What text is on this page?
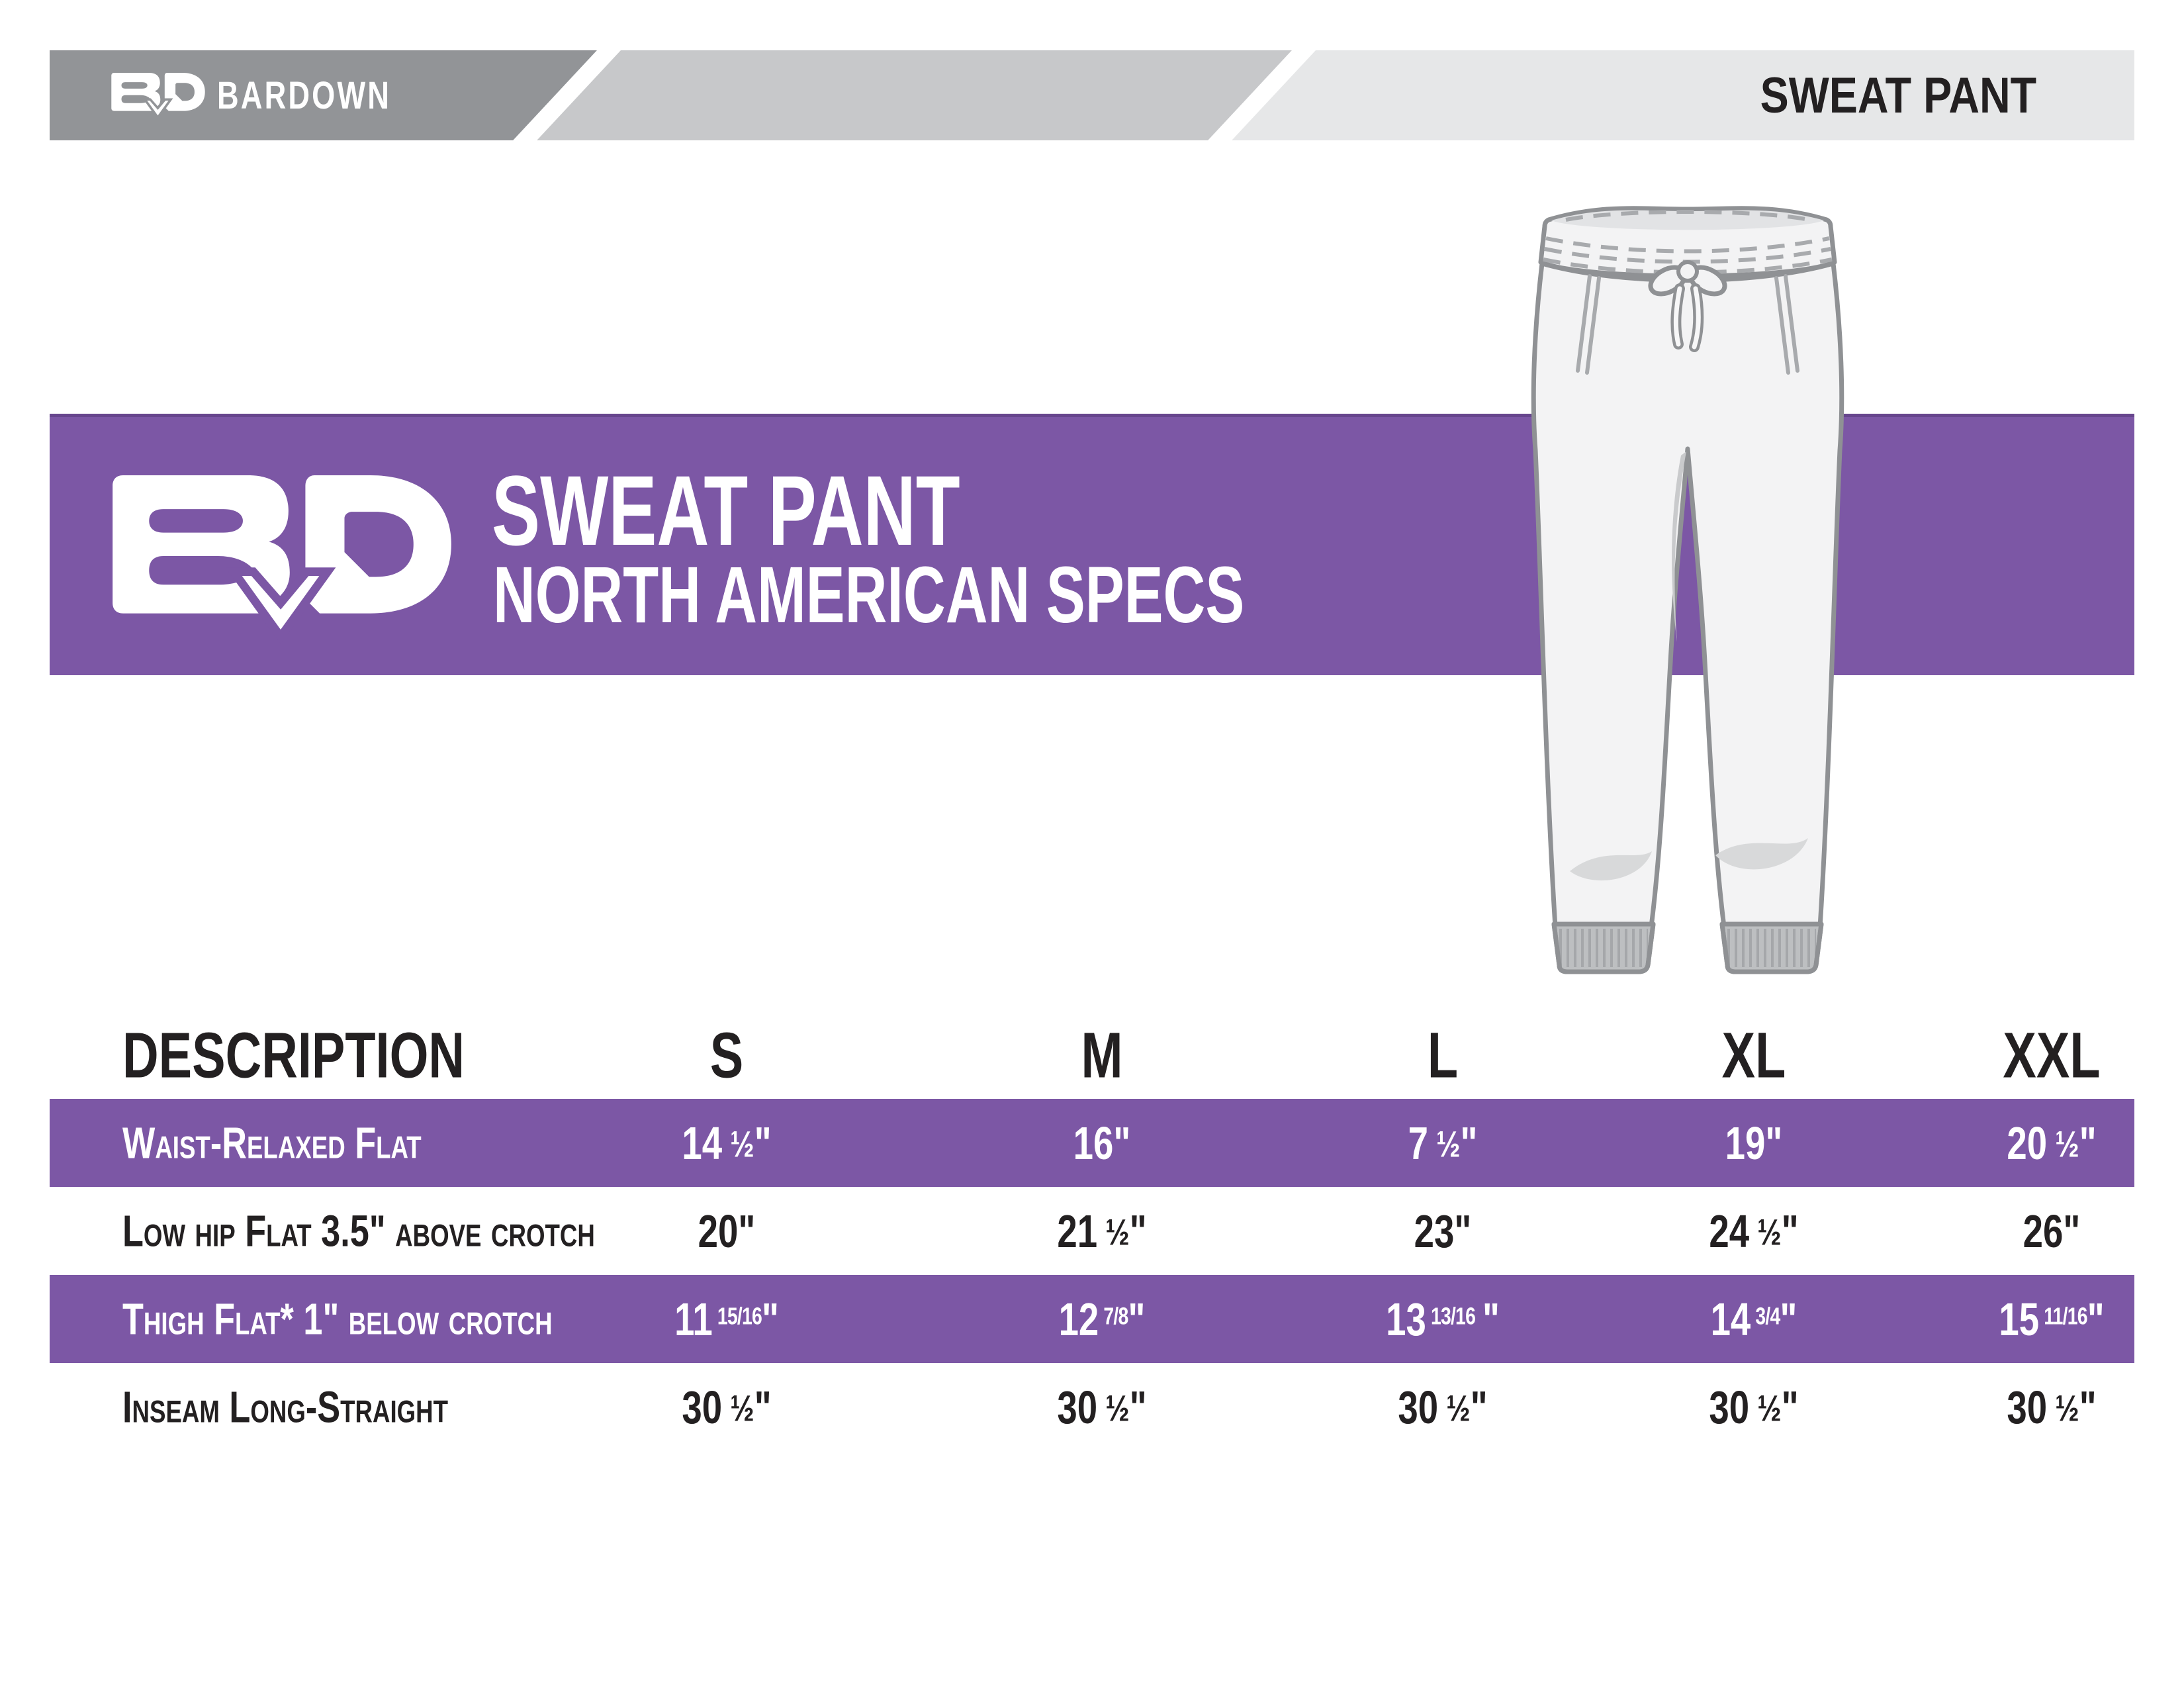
BARDOWN	SWEAT PANT
SWEAT PANT
NORTH AMERICAN SPECS
DESCRIPTION	S	M	L	XL	XXL
Waist-Relaxed Flat	14 ½"	16"	7 ½"	19"	20 ½"
Low hip Flat 3.5" above crotch	20"	21 ½"	23"	24 ½"	26"
Thigh Flat* 1" below crotch	11 $^{15/16}$"	12 $^{7/8}$"	13 $^{13/16}$  "	14 $^{3/4}$"	15 $^{11/16}$"
Inseam Long-Straight	30 ½"	30 ½"	30 ½"	30 ½"	30 ½"
